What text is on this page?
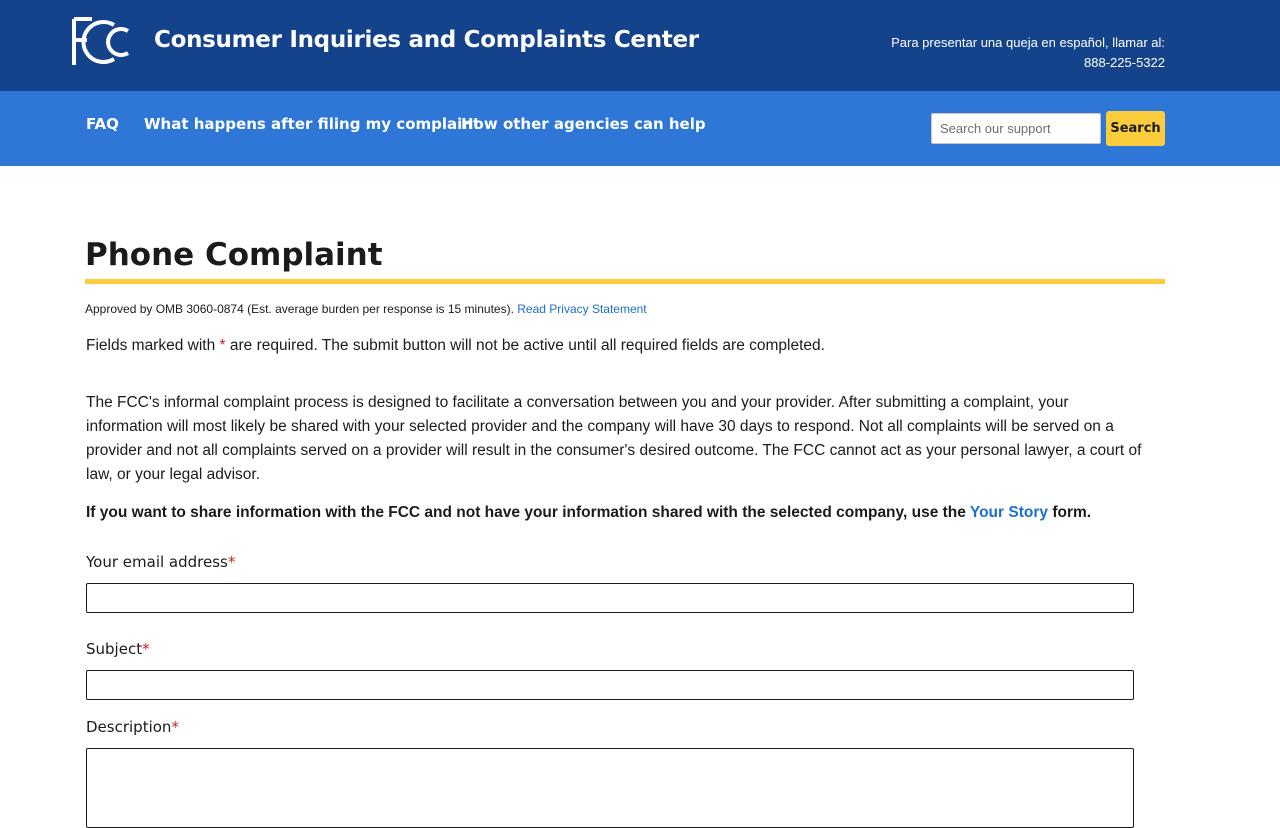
Consumer Inquiries and Complaints Center	Para presentar una queja en español, llamar al:
888-225-5322
FAQ What happens after filing my complaint
How other agencies can help
Search our support	Search
Phone Complaint
Approved by OMB 3060-0874 (Est. average burden per response is 15 minutes). Read Privacy Statement
Fields marked with * are required. The submit button will not be active until all required fields are completed.

The FCC's informal complaint process is designed to facilitate a conversation between you and your provider. After submitting a complaint, your information will most likely be shared with your selected provider and the company will have 30 days to respond. Not all complaints will be served on a provider and not all complaints served on a provider will result in the consumer's desired outcome. The FCC cannot act as your personal lawyer, a court of law, or your legal advisor.

If you want to share information with the FCC and not have your information shared with the selected company, use the Your Story form.
Your email address*
Subject*
Description*
